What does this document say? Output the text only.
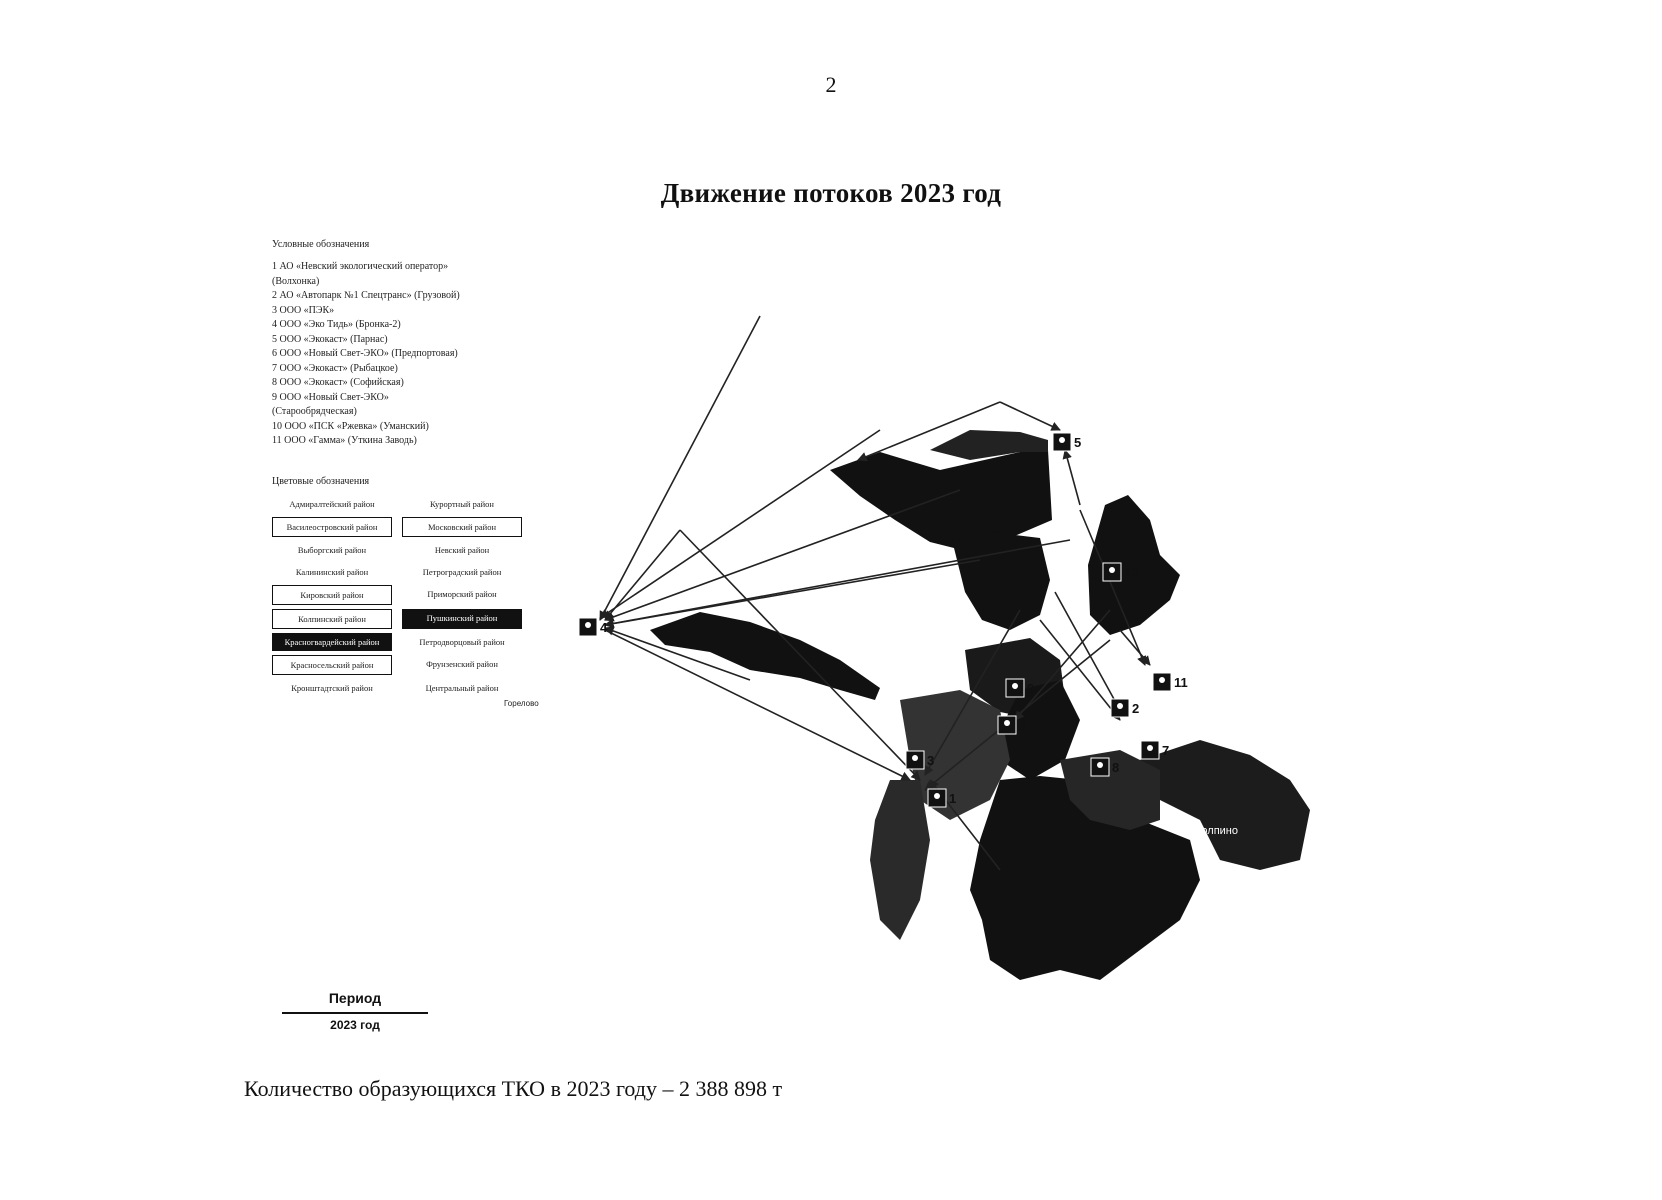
2
Движение потоков 2023 год
Условные обозначения
1 АО «Невский экологический оператор»
(Волхонка)
2 АО «Автопарк №1 Спецтранс» (Грузовой)
3 ООО «ПЭК»
4 ООО «Эко Тидь» (Бронка-2)
5 ООО «Экокаст» (Парнас)
6 ООО «Новый Свет-ЭКО» (Предпортовая)
7 ООО «Экокаст» (Рыбацкое)
8 ООО «Экокаст» (Софийская)
9 ООО «Новый Свет-ЭКО»
(Старообрядческая)
10 ООО «ПСК «Ржевка» (Уманский)
11 ООО «Гамма» (Уткина Заводь)
Цветовые обозначения
Адмиралтейский район	Курортный район
Василеостровский район	Московский район
Выборгский район	Невский район
Калининский район	Петроградский район
Кировский район	Приморский район
Колпинский район	Пушкинский район
Красногвардейский район	Петродворцовый район
Красносельский район	Фрунзенский район
Кронштадтский район	Центральный район
Период
2023 год
Колпино
Горелово
1
2
3
4
5
6
7
8
9
10
11
Количество образующихся ТКО в 2023 году – 2 388 898 т
